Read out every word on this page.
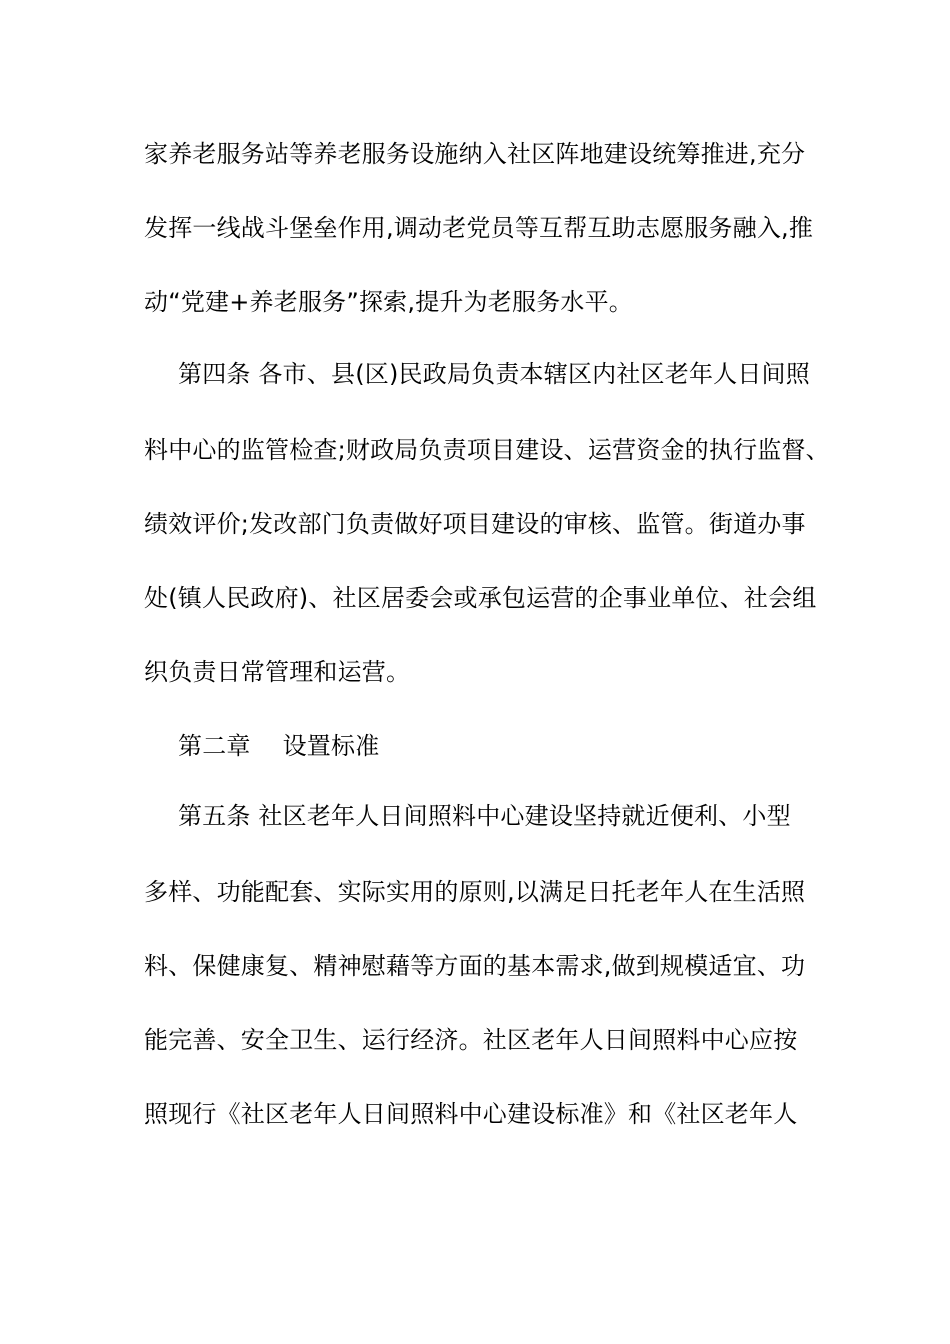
家养老服务站等养老服务设施纳入社区阵地建设统筹推进,充分
发挥一线战斗堡垒作用,调动老党员等互帮互助志愿服务融入,推
动“党建+养老服务”探索,提升为老服务水平。
第四条 各市、县(区)民政局负责本辖区内社区老年人日间照
料中心的监管检查;财政局负责项目建设、运营资金的执行监督、
绩效评价;发改部门负责做好项目建设的审核、监管。街道办事
处(镇人民政府)、社区居委会或承包运营的企事业单位、社会组
织负责日常管理和运营。
第二章 设置标准
第五条 社区老年人日间照料中心建设坚持就近便利、小型
多样、功能配套、实际实用的原则,以满足日托老年人在生活照
料、保健康复、精神慰藉等方面的基本需求,做到规模适宜、功
能完善、安全卫生、运行经济。社区老年人日间照料中心应按
照现行《社区老年人日间照料中心建设标准》和《社区老年人
